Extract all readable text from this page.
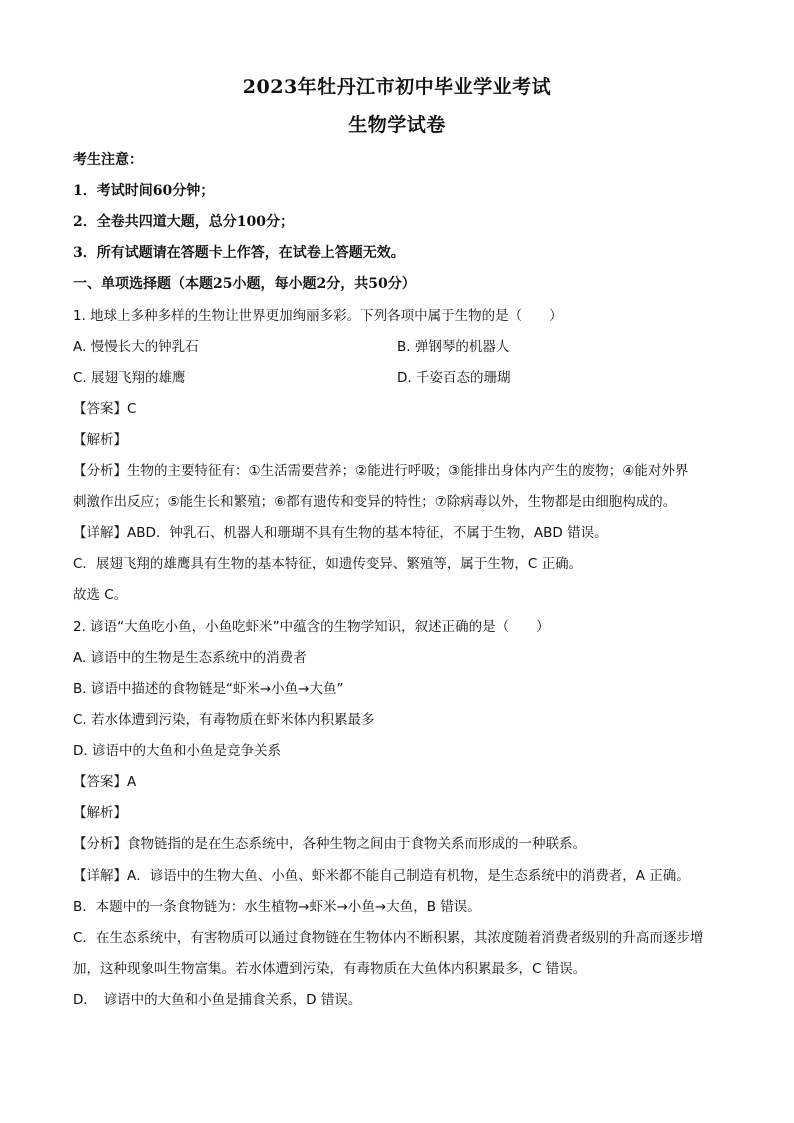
2023年牡丹江市初中毕业学业考试
生物学试卷
考生注意：
1．考试时间60分钟；
2．全卷共四道大题，总分100分；
3．所有试题请在答题卡上作答，在试卷上答题无效。
一、单项选择题（本题25小题，每小题2分，共50分）
1. 地球上多种多样的生物让世界更加绚丽多彩。下列各项中属于生物的是（　　）
A. 慢慢长大的钟乳石	B. 弹钢琴的机器人
C. 展翅飞翔的雄鹰	D. 千姿百态的珊瑚
【答案】C
【解析】
【分析】生物的主要特征有：①生活需要营养；②能进行呼吸；③能排出身体内产生的废物；④能对外界
刺激作出反应；⑤能生长和繁殖；⑥都有遗传和变异的特性；⑦除病毒以外，生物都是由细胞构成的。
【详解】ABD．钟乳石、机器人和珊瑚不具有生物的基本特征，不属于生物，ABD 错误。
C．展翅飞翔的雄鹰具有生物的基本特征，如遗传变异、繁殖等，属于生物，C 正确。
故选 C。
2. 谚语“大鱼吃小鱼，小鱼吃虾米”中蕴含的生物学知识，叙述正确的是（　　）
A. 谚语中的生物是生态系统中的消费者
B. 谚语中描述的食物链是“虾米→小鱼→大鱼”
C. 若水体遭到污染，有毒物质在虾米体内积累最多
D. 谚语中的大鱼和小鱼是竞争关系
【答案】A
【解析】
【分析】食物链指的是在生态系统中，各种生物之间由于食物关系而形成的一种联系。
【详解】A．谚语中的生物大鱼、小鱼、虾米都不能自己制造有机物，是生态系统中的消费者，A 正确。
B．本题中的一条食物链为：水生植物→虾米→小鱼→大鱼，B 错误。
C．在生态系统中，有害物质可以通过食物链在生物体内不断积累，其浓度随着消费者级别的升高而逐步增
加，这种现象叫生物富集。若水体遭到污染，有毒物质在大鱼体内积累最多，C 错误。
D．　谚语中的大鱼和小鱼是捕食关系，D 错误。
